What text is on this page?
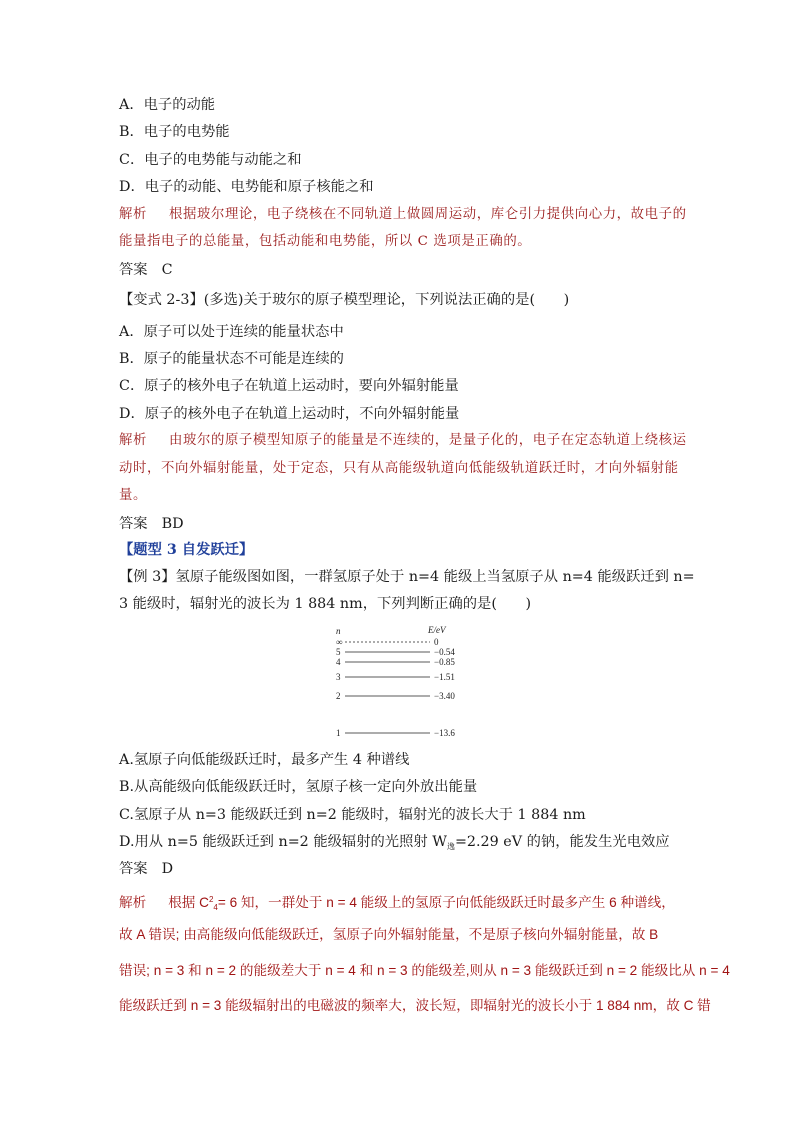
A．电子的动能
B．电子的电势能
C．电子的电势能与动能之和
D．电子的动能、电势能和原子核能之和
解析 根据玻尔理论，电子绕核在不同轨道上做圆周运动，库仑引力提供向心力，故电子的
能量指电子的总能量，包括动能和电势能，所以 C 选项是正确的。
答案 C
【变式 2-3】(多选)关于玻尔的原子模型理论，下列说法正确的是(　　)
A．原子可以处于连续的能量状态中
B．原子的能量状态不可能是连续的
C．原子的核外电子在轨道上运动时，要向外辐射能量
D．原子的核外电子在轨道上运动时，不向外辐射能量
解析 由玻尔的原子模型知原子的能量是不连续的，是量子化的，电子在定态轨道上绕核运
动时，不向外辐射能量，处于定态，只有从高能级轨道向低能级轨道跃迁时，才向外辐射能
量。
答案 BD
【题型 3 自发跃迁】
【例 3】氢原子能级图如图，一群氢原子处于 n=4 能级上当氢原子从 n=4 能级跃迁到 n=
3 能级时，辐射光的波长为 1 884 nm，下列判断正确的是(　　)
n	E/eV
∞	0
5	−0.54
4	−0.85
3	−1.51
2	−3.40
1	−13.6
A.氢原子向低能级跃迁时，最多产生 4 种谱线
B.从高能级向低能级跃迁时，氢原子核一定向外放出能量
C.氢原子从 n=3 能级跃迁到 n=2 能级时，辐射光的波长大于 1 884 nm
D.用从 n=5 能级跃迁到 n=2 能级辐射的光照射 $W_逸=2.29$ eV 的钠，能发生光电效应
答案 D
解析 根据 $C^2_4= 6$ 知，一群处于 n = 4 能级上的氢原子向低能级跃迁时最多产生 6 种谱线，
故 A 错误; 由高能级向低能级跃迁，氢原子向外辐射能量，不是原子核向外辐射能量，故 B
错误; n = 3 和 n = 2 的能级差大于 n = 4 和 n = 3 的能级差,则从 n = 3 能级跃迁到 n = 2 能级比从 n = 4
能级跃迁到 n = 3 能级辐射出的电磁波的频率大，波长短，即辐射光的波长小于 1 884 nm，故 C 错
